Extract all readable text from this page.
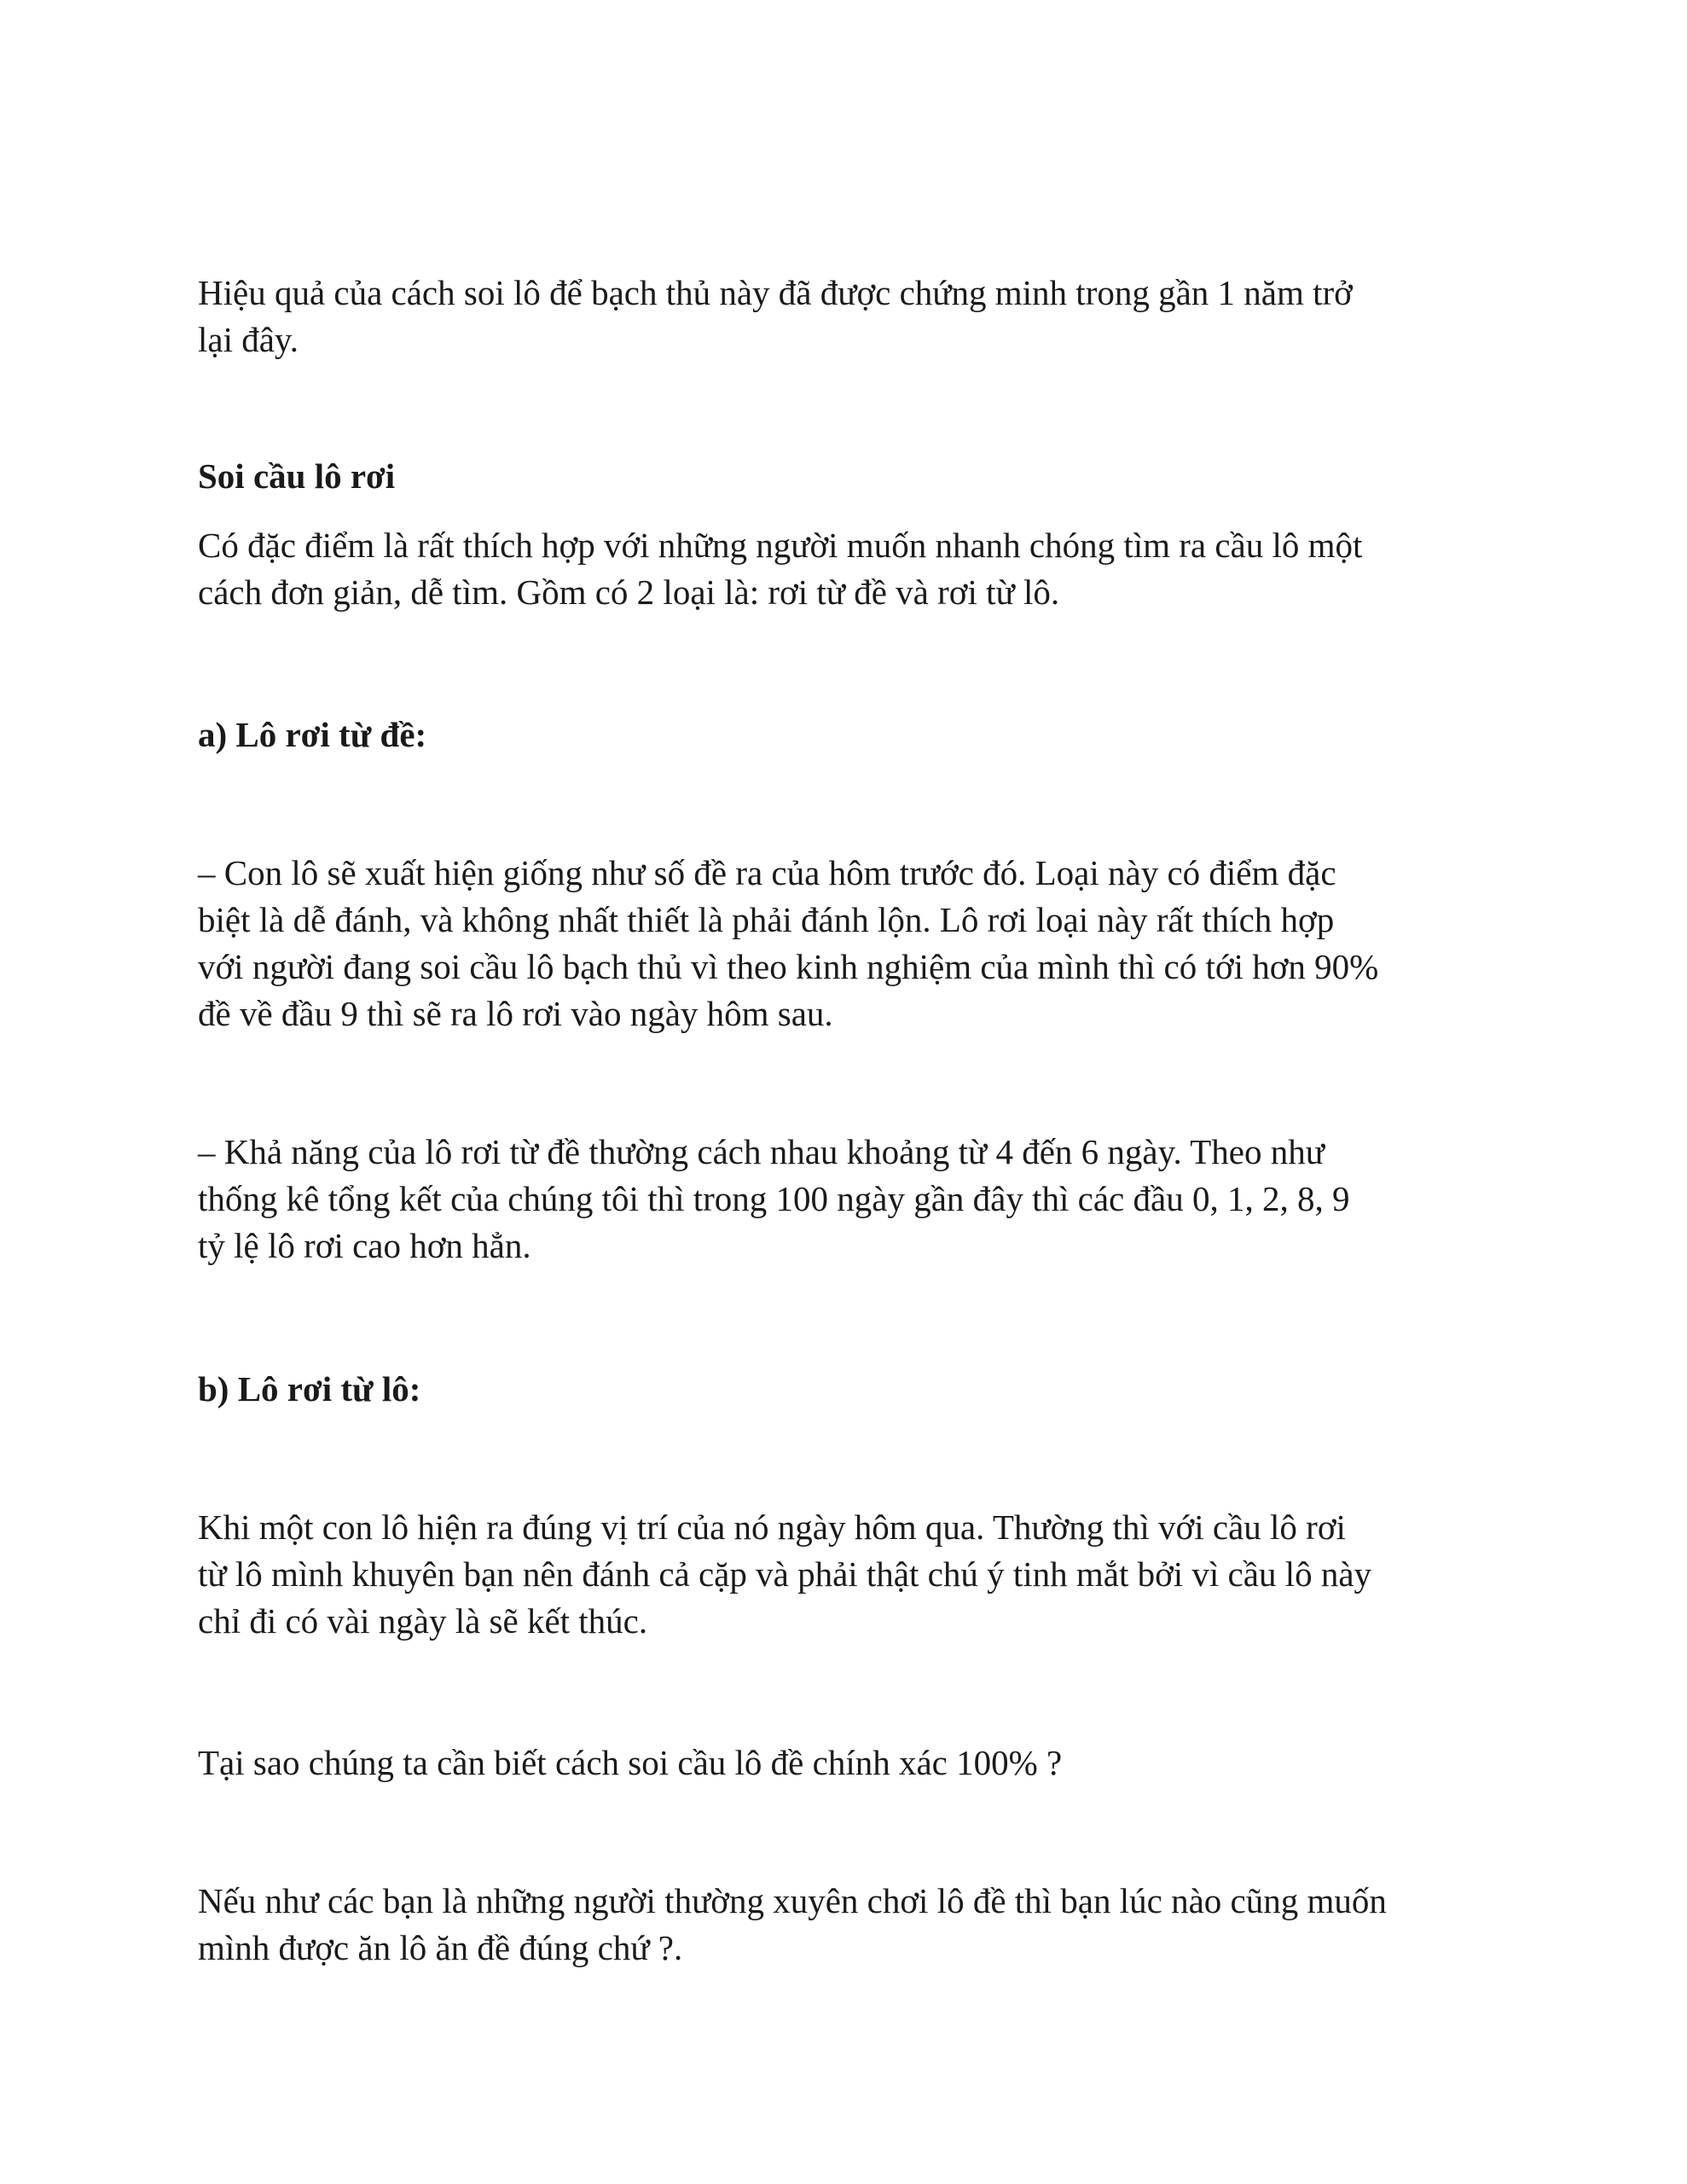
Hiệu quả của cách soi lô để bạch thủ này đã được chứng minh trong gần 1 năm trở
lại đây.
Soi cầu lô rơi
Có đặc điểm là rất thích hợp với những người muốn nhanh chóng tìm ra cầu lô một
cách đơn giản, dễ tìm. Gồm có 2 loại là: rơi từ đề và rơi từ lô.
a) Lô rơi từ đề:
– Con lô sẽ xuất hiện giống như số đề ra của hôm trước đó. Loại này có điểm đặc
biệt là dễ đánh, và không nhất thiết là phải đánh lộn. Lô rơi loại này rất thích hợp
với người đang soi cầu lô bạch thủ vì theo kinh nghiệm của mình thì có tới hơn 90%
đề về đầu 9 thì sẽ ra lô rơi vào ngày hôm sau.
– Khả năng của lô rơi từ đề thường cách nhau khoảng từ 4 đến 6 ngày. Theo như
thống kê tổng kết của chúng tôi thì trong 100 ngày gần đây thì các đầu 0, 1, 2, 8, 9
tỷ lệ lô rơi cao hơn hẳn.
b) Lô rơi từ lô:
Khi một con lô hiện ra đúng vị trí của nó ngày hôm qua. Thường thì với cầu lô rơi
từ lô mình khuyên bạn nên đánh cả cặp và phải thật chú ý tinh mắt bởi vì cầu lô này
chỉ đi có vài ngày là sẽ kết thúc.
Tại sao chúng ta cần biết cách soi cầu lô đề chính xác 100% ?
Nếu như các bạn là những người thường xuyên chơi lô đề thì bạn lúc nào cũng muốn
mình được ăn lô ăn đề đúng chứ ?.
